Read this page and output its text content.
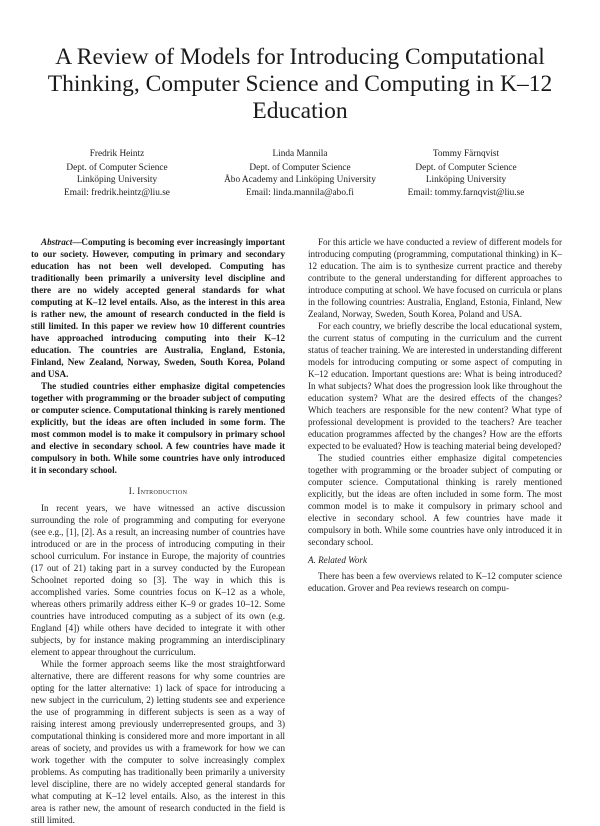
A Review of Models for Introducing Computational Thinking, Computer Science and Computing in K–12 Education
Fredrik Heintz
Dept. of Computer Science
Linköping University
Email: fredrik.heintz@liu.se
Linda Mannila
Dept. of Computer Science
Åbo Academy and Linköping University
Email: linda.mannila@abo.fi
Tommy Färnqvist
Dept. of Computer Science
Linköping University
Email: tommy.farnqvist@liu.se

Abstract—Computing is becoming ever increasingly important to our society. However, computing in primary and secondary education has not been well developed. Computing has traditionally been primarily a university level discipline and there are no widely accepted general standards for what computing at K–12 level entails. Also, as the interest in this area is rather new, the amount of research conducted in the field is still limited. In this paper we review how 10 different countries have approached introducing computing into their K–12 education. The countries are Australia, England, Estonia, Finland, New Zealand, Norway, Sweden, South Korea, Poland and USA.

The studied countries either emphasize digital competencies together with programming or the broader subject of computing or computer science. Computational thinking is rarely mentioned explicitly, but the ideas are often included in some form. The most common model is to make it compulsory in primary school and elective in secondary school. A few countries have made it compulsory in both. While some countries have only introduced it in secondary school.

I. Introduction

In recent years, we have witnessed an active discussion surrounding the role of programming and computing for everyone (see e.g., [1], [2]. As a result, an increasing number of countries have introduced or are in the process of introducing computing in their school curriculum. For instance in Europe, the majority of countries (17 out of 21) taking part in a survey conducted by the European Schoolnet reported doing so [3]. The way in which this is accomplished varies. Some countries focus on K–12 as a whole, whereas others primarily address either K–9 or grades 10–12. Some countries have introduced computing as a subject of its own (e.g. England [4]) while others have decided to integrate it with other subjects, by for instance making programming an interdisciplinary element to appear throughout the curriculum.

While the former approach seems like the most straightforward alternative, there are different reasons for why some countries are opting for the latter alternative: 1) lack of space for introducing a new subject in the curriculum, 2) letting students see and experience the use of programming in different subjects is seen as a way of raising interest among previously underrepresented groups, and 3) computational thinking is considered more and more important in all areas of society, and provides us with a framework for how we can work together with the computer to solve increasingly complex problems. As computing has traditionally been primarily a university level discipline, there are no widely accepted general standards for what computing at K–12 level entails. Also, as the interest in this area is rather new, the amount of research conducted in the field is still limited.

For this article we have conducted a review of different models for introducing computing (programming, computational thinking) in K–12 education. The aim is to synthesize current practice and thereby contribute to the general understanding for different approaches to introduce computing at school. We have focused on curricula or plans in the following countries: Australia, England, Estonia, Finland, New Zealand, Norway, Sweden, South Korea, Poland and USA.

For each country, we briefly describe the local educational system, the current status of computing in the curriculum and the current status of teacher training. We are interested in understanding different models for introducing computing or some aspect of computing in K–12 education. Important questions are: What is being introduced? In what subjects? What does the progression look like throughout the education system? What are the desired effects of the changes? Which teachers are responsible for the new content? What type of professional development is provided to the teachers? Are teacher education programmes affected by the changes? How are the efforts expected to be evaluated? How is teaching material being developed?

The studied countries either emphasize digital competencies together with programming or the broader subject of computing or computer science. Computational thinking is rarely mentioned explicitly, but the ideas are often included in some form. The most common model is to make it compulsory in primary school and elective in secondary school. A few countries have made it compulsory in both. While some countries have only introduced it in secondary school.

A. Related Work

There has been a few overviews related to K–12 computer science education. Grover and Pea reviews research on compu-
